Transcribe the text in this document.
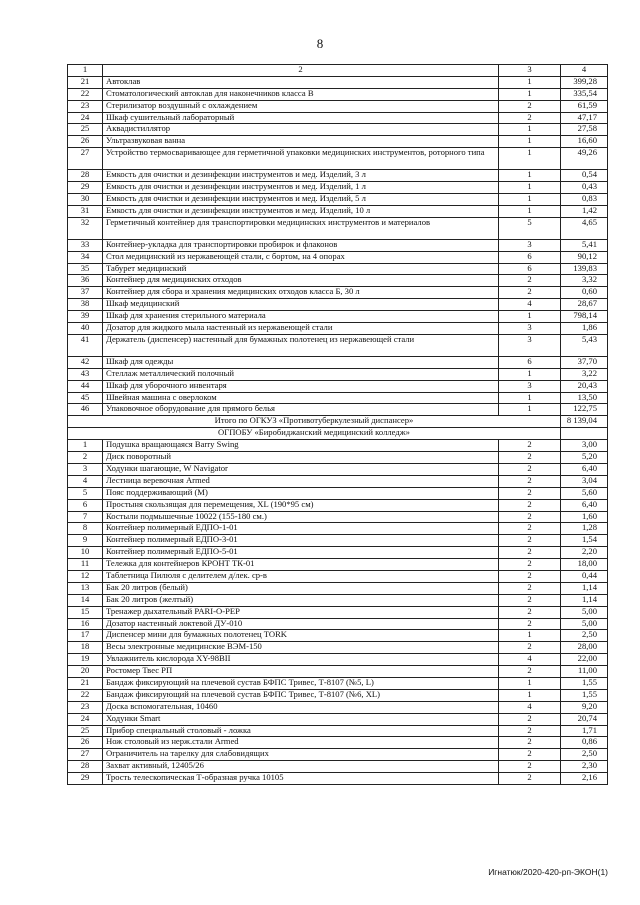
8
1	2	3	4
21	Автоклав	1	399,28
22	Стоматологический автоклав для наконечников класса В	1	335,54
23	Стерилизатор воздушный с охлаждением	2	61,59
24	Шкаф сушительный лабораторный	2	47,17
25	Аквадистиллятор	1	27,58
26	Ультразвуковая ванна	1	16,60
27	Устройство термосваривающее для герметичной упаковки медицинских инструментов, роторного типа	1	49,26
28	Емкость для очистки и дезинфекции инструментов и мед. Изделий, 3 л	1	0,54
29	Емкость для очистки и дезинфекции инструментов и мед. Изделий, 1 л	1	0,43
30	Емкость для очистки и дезинфекции инструментов и мед. Изделий, 5 л	1	0,83
31	Емкость для очистки и дезинфекции инструментов и мед. Изделий, 10 л	1	1,42
32	Герметичный контейнер для транспортировки медицинских инструментов и материалов	5	4,65
33	Контейнер-укладка для транспортировки пробирок и флаконов	3	5,41
34	Стол медицинский из нержавеющей стали, с бортом, на 4 опорах	6	90,12
35	Табурет медицинский	6	139,83
36	Контейнер для медицинских отходов	2	3,32
37	Контейнер для сбора и хранения медицинских отходов класса Б, 30 л	2	0,60
38	Шкаф медицинский	4	28,67
39	Шкаф для хранения стерильного материала	1	798,14
40	Дозатор для жидкого мыла настенный из нержавеющей стали	3	1,86
41	Держатель (диспенсер) настенный для бумажных полотенец из нержавеющей стали	3	5,43
42	Шкаф для одежды	6	37,70
43	Стеллаж металлический полочный	1	3,22
44	Шкаф для уборочного инвентаря	3	20,43
45	Швейная машина с оверлоком	1	13,50
46	Упаковочное оборудование для прямого белья	1	122,75
Итого по ОГКУЗ «Противотуберкулезный диспансер»			8 139,04
ОГПОБУ «Биробиджанский медицинский колледж»			
1	Подушка вращающаяся Barry Swing	2	3,00
2	Диск поворотный	2	5,20
3	Ходунки шагающие, W Navigator	2	6,40
4	Лестница веревочная Armed	2	3,04
5	Пояс поддерживающий (М)	2	5,60
6	Простыня скользящая для перемещения, XL (190*95 см)	2	6,40
7	Костыли подмышечные 10022 (155-180 см.)	2	1,60
8	Контейнер полимерный ЕДПО-1-01	2	1,28
9	Контейнер полимерный ЕДПО-3-01	2	1,54
10	Контейнер полимерный ЕДПО-5-01	2	2,20
11	Тележка для контейнеров КРОНТ ТК-01	2	18,00
12	Таблетница Пилюля с делителем д/лек. ср-в	2	0,44
13	Бак 20 литров (белый)	2	1,14
14	Бак 20 литров (желтый)	2	1,14
15	Тренажер дыхательный PARI-O-PEP	2	5,00
16	Дозатор настенный локтевой ДУ-010	2	5,00
17	Диспенсер мини для бумажных полотенец TORK	1	2,50
18	Весы электронные медицинские ВЭМ-150	2	28,00
19	Увлажнитель кислорода XY-98BII	4	22,00
20	Ростомер Твес РП	2	11,00
21	Бандаж фиксирующий на плечевой сустав БФПС Тривес, Т-8107 (№5, L)	1	1,55
22	Бандаж фиксирующий на плечевой сустав БФПС Тривес, Т-8107 (№6, XL)	1	1,55
23	Доска вспомогательная, 10460	4	9,20
24	Ходунки Smart	2	20,74
25	Прибор специальный столовый - ложка	2	1,71
26	Нож столовый из нерж.стали Armed	2	0,86
27	Ограничитель на тарелку для слабовидящих	2	2,50
28	Захват активный, 12405/26	2	2,30
29	Трость телескопическая Т-образная ручка 10105	2	2,16
Игнатюк/2020-420-рп-ЭКОН(1)
